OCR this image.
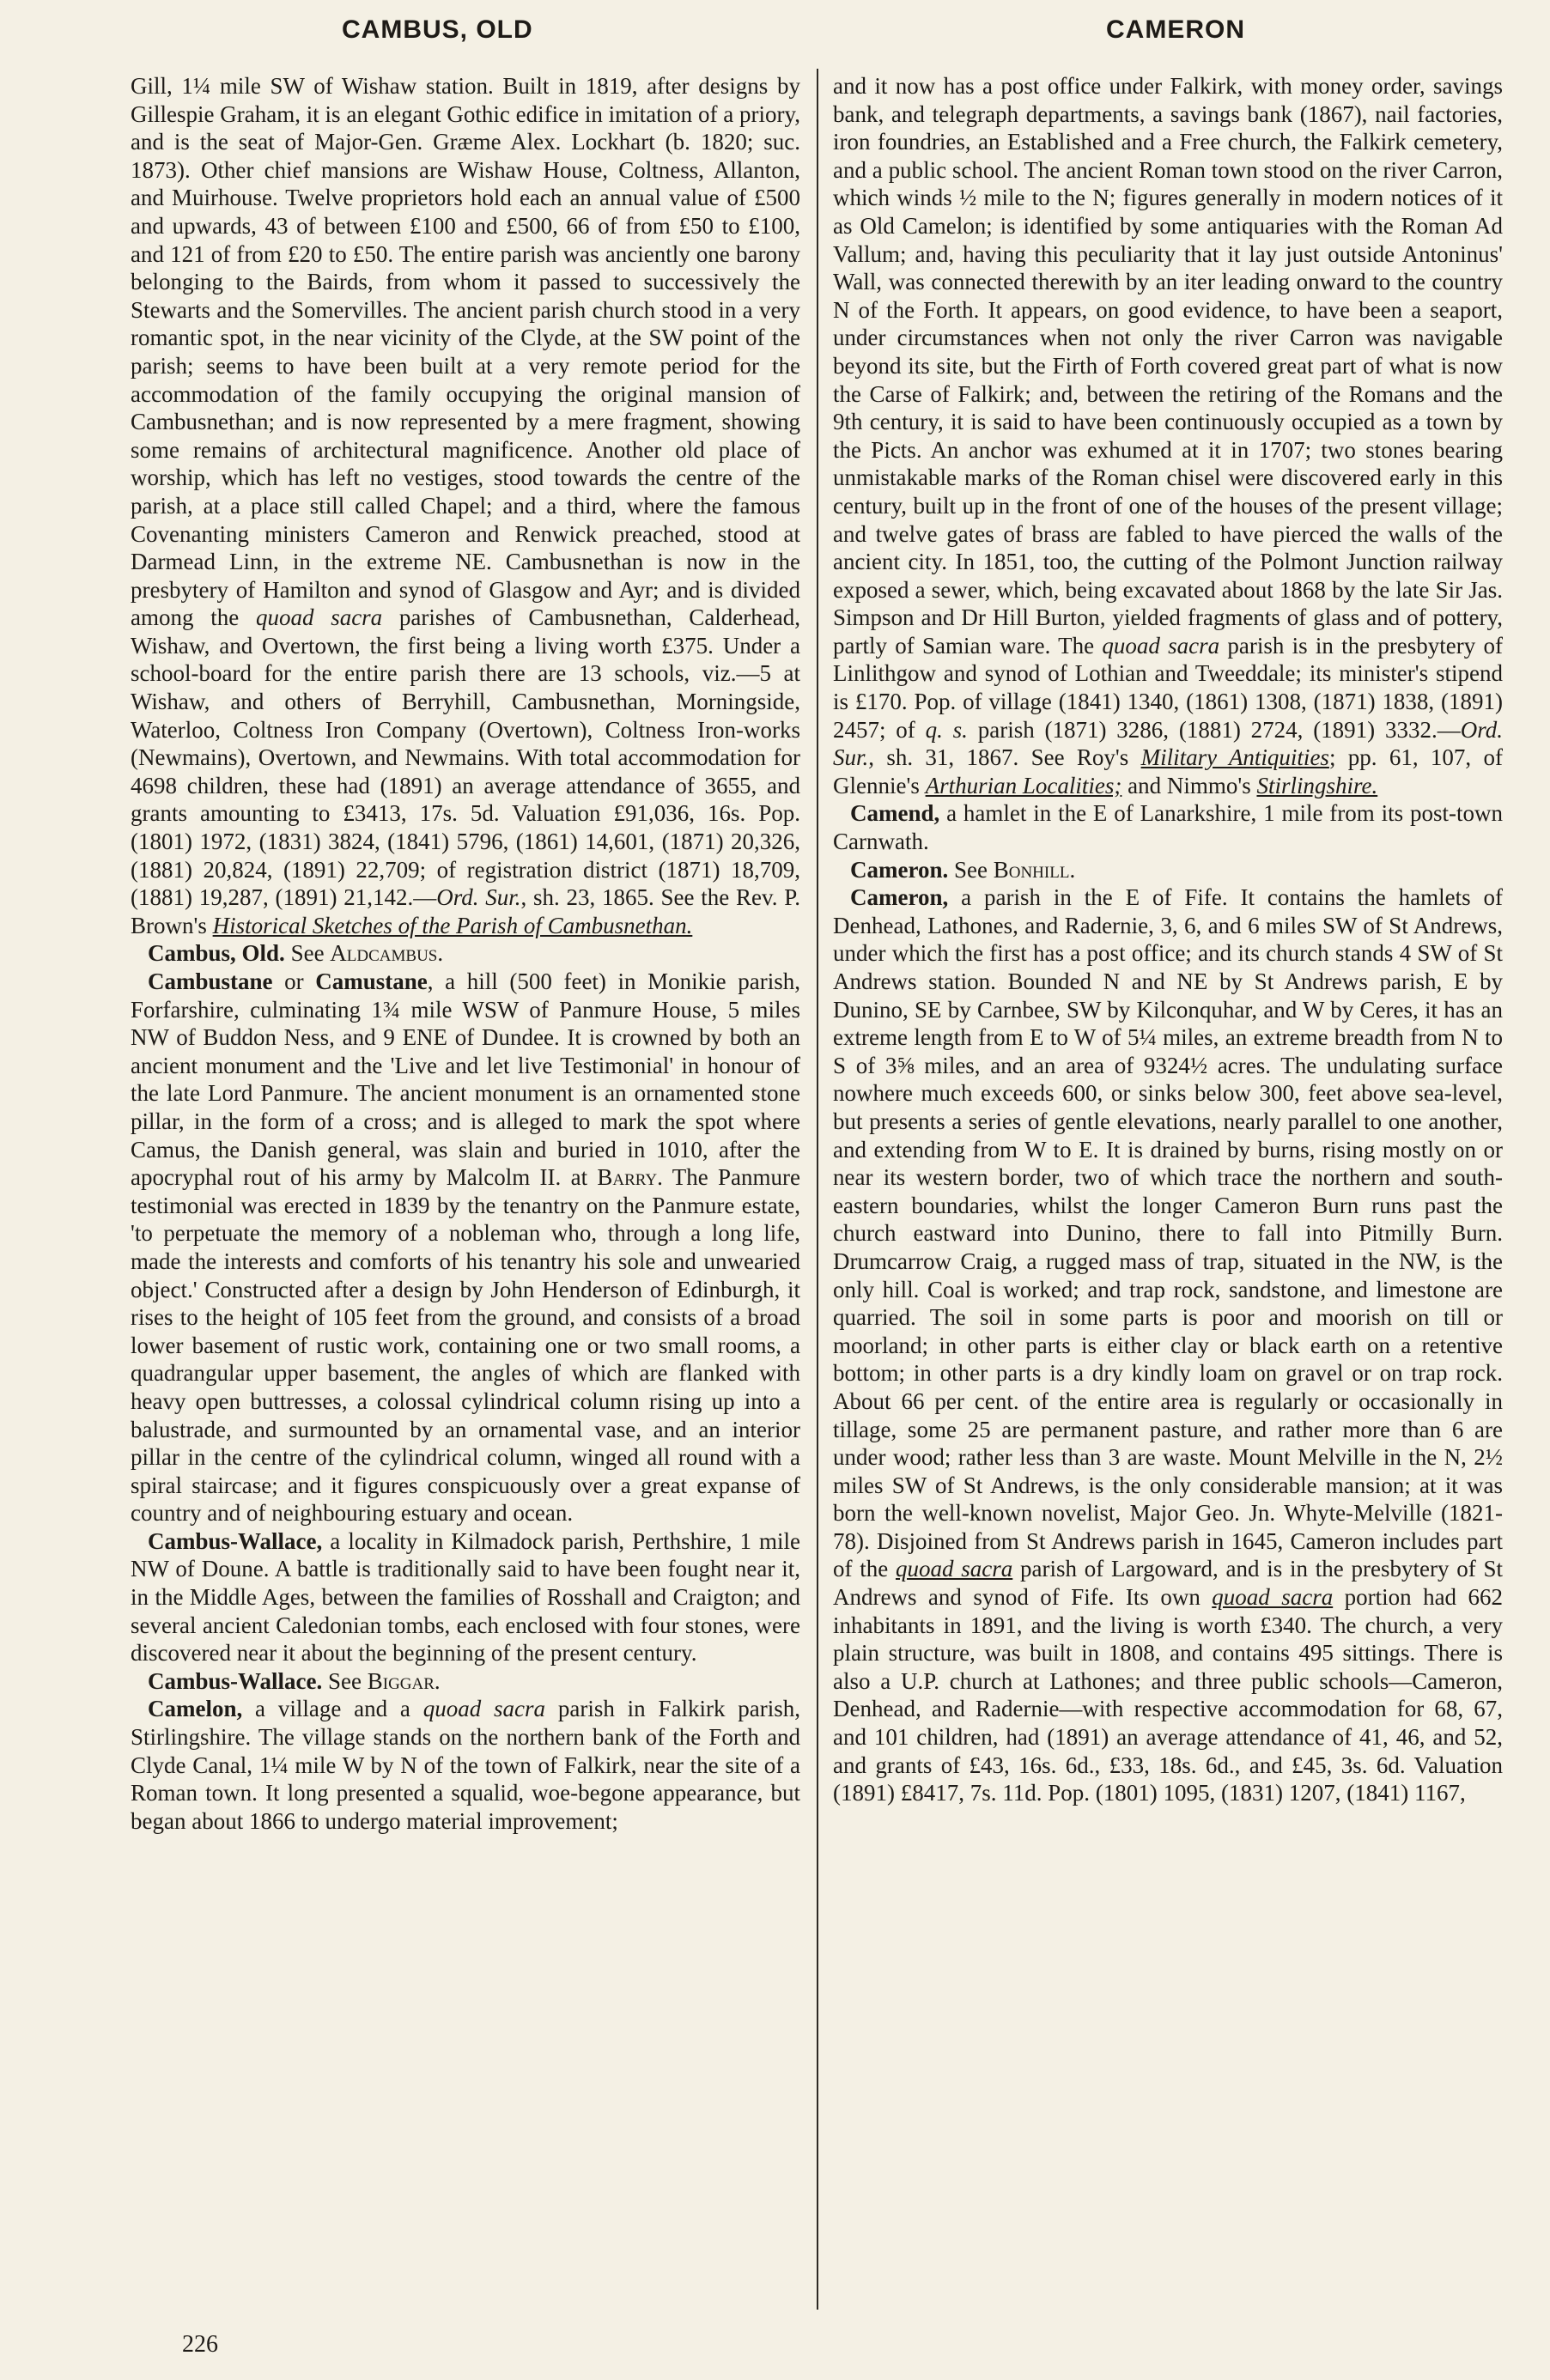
CAMBUS, OLD	CAMERON

Gill, 1¼ mile SW of Wishaw station. Built in 1819, after designs by Gillespie Graham, it is an elegant Gothic edifice in imitation of a priory, and is the seat of Major-Gen. Græme Alex. Lockhart (b. 1820; suc. 1873). Other chief mansions are Wishaw House, Coltness, Allanton, and Muirhouse. Twelve proprietors hold each an annual value of £500 and upwards, 43 of between £100 and £500, 66 of from £50 to £100, and 121 of from £20 to £50. The entire parish was anciently one barony belonging to the Bairds, from whom it passed to successively the Stewarts and the Somervilles. The ancient parish church stood in a very romantic spot, in the near vicinity of the Clyde, at the SW point of the parish; seems to have been built at a very remote period for the accommodation of the family occupying the original mansion of Cambusnethan; and is now represented by a mere fragment, showing some remains of architectural magnificence. Another old place of worship, which has left no vestiges, stood towards the centre of the parish, at a place still called Chapel; and a third, where the famous Covenanting ministers Cameron and Renwick preached, stood at Darmead Linn, in the extreme NE. Cambusnethan is now in the presbytery of Hamilton and synod of Glasgow and Ayr; and is divided among the quoad sacra parishes of Cambusnethan, Calderhead, Wishaw, and Overtown, the first being a living worth £375. Under a school-board for the entire parish there are 13 schools, viz.—5 at Wishaw, and others of Berryhill, Cambusnethan, Morningside, Waterloo, Coltness Iron Company (Overtown), Coltness Iron-works (Newmains), Overtown, and Newmains. With total accommodation for 4698 children, these had (1891) an average attendance of 3655, and grants amounting to £3413, 17s. 5d. Valuation £91,036, 16s. Pop. (1801) 1972, (1831) 3824, (1841) 5796, (1861) 14,601, (1871) 20,326, (1881) 20,824, (1891) 22,709; of registration district (1871) 18,709, (1881) 19,287, (1891) 21,142.—Ord. Sur., sh. 23, 1865. See the Rev. P. Brown's Historical Sketches of the Parish of Cambusnethan.

Cambus, Old. See Aldcambus.

Cambustane or Camustane, a hill (500 feet) in Monikie parish, Forfarshire, culminating 1¾ mile WSW of Panmure House, 5 miles NW of Buddon Ness, and 9 ENE of Dundee. It is crowned by both an ancient monument and the 'Live and let live Testimonial' in honour of the late Lord Panmure. The ancient monument is an ornamented stone pillar, in the form of a cross; and is alleged to mark the spot where Camus, the Danish general, was slain and buried in 1010, after the apocryphal rout of his army by Malcolm II. at Barry. The Panmure testimonial was erected in 1839 by the tenantry on the Panmure estate, 'to perpetuate the memory of a nobleman who, through a long life, made the interests and comforts of his tenantry his sole and unwearied object.' Constructed after a design by John Henderson of Edinburgh, it rises to the height of 105 feet from the ground, and consists of a broad lower basement of rustic work, containing one or two small rooms, a quadrangular upper basement, the angles of which are flanked with heavy open buttresses, a colossal cylindrical column rising up into a balustrade, and surmounted by an ornamental vase, and an interior pillar in the centre of the cylindrical column, winged all round with a spiral staircase; and it figures conspicuously over a great expanse of country and of neighbouring estuary and ocean.

Cambus-Wallace, a locality in Kilmadock parish, Perthshire, 1 mile NW of Doune. A battle is traditionally said to have been fought near it, in the Middle Ages, between the families of Rosshall and Craigton; and several ancient Caledonian tombs, each enclosed with four stones, were discovered near it about the beginning of the present century.

Cambus-Wallace. See Biggar.

Camelon, a village and a quoad sacra parish in Falkirk parish, Stirlingshire. The village stands on the northern bank of the Forth and Clyde Canal, 1¼ mile W by N of the town of Falkirk, near the site of a Roman town. It long presented a squalid, woe-begone appearance, but began about 1866 to undergo material improvement;

and it now has a post office under Falkirk, with money order, savings bank, and telegraph departments, a savings bank (1867), nail factories, iron foundries, an Established and a Free church, the Falkirk cemetery, and a public school. The ancient Roman town stood on the river Carron, which winds ½ mile to the N; figures generally in modern notices of it as Old Camelon; is identified by some antiquaries with the Roman Ad Vallum; and, having this peculiarity that it lay just outside Antoninus' Wall, was connected therewith by an iter leading onward to the country N of the Forth. It appears, on good evidence, to have been a seaport, under circumstances when not only the river Carron was navigable beyond its site, but the Firth of Forth covered great part of what is now the Carse of Falkirk; and, between the retiring of the Romans and the 9th century, it is said to have been continuously occupied as a town by the Picts. An anchor was exhumed at it in 1707; two stones bearing unmistakable marks of the Roman chisel were discovered early in this century, built up in the front of one of the houses of the present village; and twelve gates of brass are fabled to have pierced the walls of the ancient city. In 1851, too, the cutting of the Polmont Junction railway exposed a sewer, which, being excavated about 1868 by the late Sir Jas. Simpson and Dr Hill Burton, yielded fragments of glass and of pottery, partly of Samian ware. The quoad sacra parish is in the presbytery of Linlithgow and synod of Lothian and Tweeddale; its minister's stipend is £170. Pop. of village (1841) 1340, (1861) 1308, (1871) 1838, (1891) 2457; of q. s. parish (1871) 3286, (1881) 2724, (1891) 3332.—Ord. Sur., sh. 31, 1867. See Roy's Military Antiquities; pp. 61, 107, of Glennie's Arthurian Localities; and Nimmo's Stirlingshire.

Camend, a hamlet in the E of Lanarkshire, 1 mile from its post-town Carnwath.

Cameron. See Bonhill.

Cameron, a parish in the E of Fife. It contains the hamlets of Denhead, Lathones, and Radernie, 3, 6, and 6 miles SW of St Andrews, under which the first has a post office; and its church stands 4 SW of St Andrews station. Bounded N and NE by St Andrews parish, E by Dunino, SE by Carnbee, SW by Kilconquhar, and W by Ceres, it has an extreme length from E to W of 5¼ miles, an extreme breadth from N to S of 3⅝ miles, and an area of 9324½ acres. The undulating surface nowhere much exceeds 600, or sinks below 300, feet above sea-level, but presents a series of gentle elevations, nearly parallel to one another, and extending from W to E. It is drained by burns, rising mostly on or near its western border, two of which trace the northern and south-eastern boundaries, whilst the longer Cameron Burn runs past the church eastward into Dunino, there to fall into Pitmilly Burn. Drumcarrow Craig, a rugged mass of trap, situated in the NW, is the only hill. Coal is worked; and trap rock, sandstone, and limestone are quarried. The soil in some parts is poor and moorish on till or moorland; in other parts is either clay or black earth on a retentive bottom; in other parts is a dry kindly loam on gravel or on trap rock. About 66 per cent. of the entire area is regularly or occasionally in tillage, some 25 are permanent pasture, and rather more than 6 are under wood; rather less than 3 are waste. Mount Melville in the N, 2½ miles SW of St Andrews, is the only considerable mansion; at it was born the well-known novelist, Major Geo. Jn. Whyte-Melville (1821-78). Disjoined from St Andrews parish in 1645, Cameron includes part of the quoad sacra parish of Largoward, and is in the presbytery of St Andrews and synod of Fife. Its own quoad sacra portion had 662 inhabitants in 1891, and the living is worth £340. The church, a very plain structure, was built in 1808, and contains 495 sittings. There is also a U.P. church at Lathones; and three public schools—Cameron, Denhead, and Radernie—with respective accommodation for 68, 67, and 101 children, had (1891) an average attendance of 41, 46, and 52, and grants of £43, 16s. 6d., £33, 18s. 6d., and £45, 3s. 6d. Valuation (1891) £8417, 7s. 11d. Pop. (1801) 1095, (1831) 1207, (1841) 1167,

226
